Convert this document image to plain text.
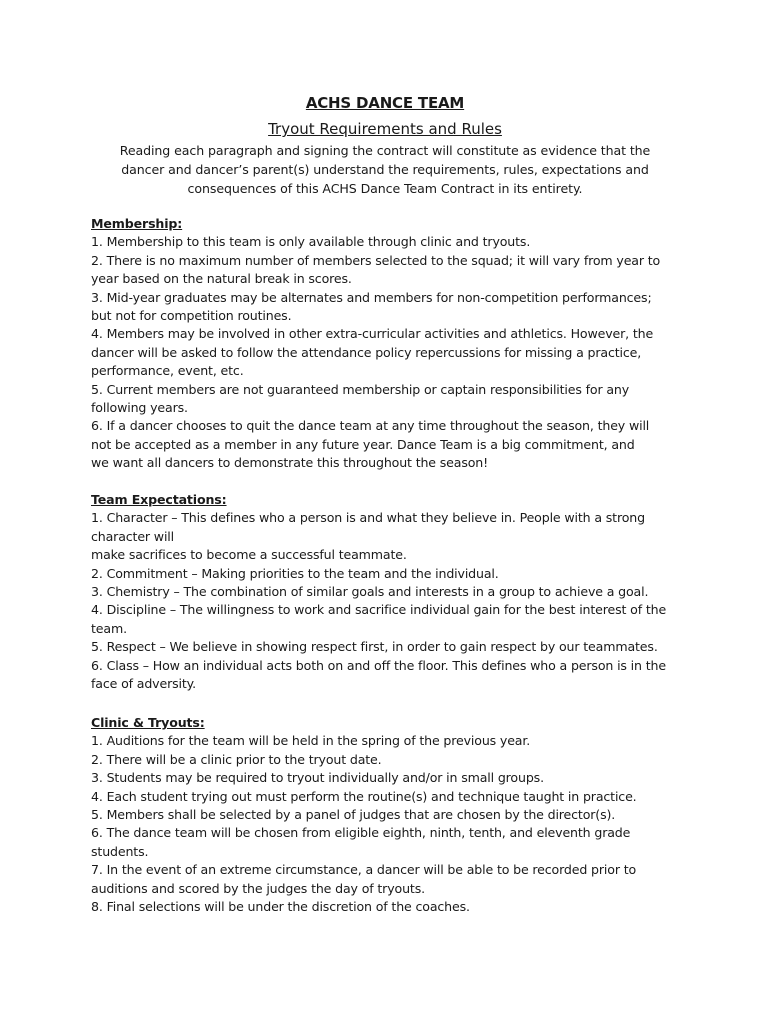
ACHS DANCE TEAM
Tryout Requirements and Rules
Reading each paragraph and signing the contract will constitute as evidence that the
dancer and dancer’s parent(s) understand the requirements, rules, expectations and
consequences of this ACHS Dance Team Contract in its entirety.
Membership:
1. Membership to this team is only available through clinic and tryouts.
2. There is no maximum number of members selected to the squad; it will vary from year to
year based on the natural break in scores.
3. Mid-year graduates may be alternates and members for non-competition performances;
but not for competition routines.
4. Members may be involved in other extra-curricular activities and athletics. However, the
dancer will be asked to follow the attendance policy repercussions for missing a practice,
performance, event, etc.
5. Current members are not guaranteed membership or captain responsibilities for any
following years.
6. If a dancer chooses to quit the dance team at any time throughout the season, they will
not be accepted as a member in any future year. Dance Team is a big commitment, and
we want all dancers to demonstrate this throughout the season!
Team Expectations:
1. Character – This defines who a person is and what they believe in. People with a strong
character will
make sacrifices to become a successful teammate.
2. Commitment – Making priorities to the team and the individual.
3. Chemistry – The combination of similar goals and interests in a group to achieve a goal.
4. Discipline – The willingness to work and sacrifice individual gain for the best interest of the
team.
5. Respect – We believe in showing respect first, in order to gain respect by our teammates.
6. Class – How an individual acts both on and off the floor. This defines who a person is in the
face of adversity.
Clinic & Tryouts:
1. Auditions for the team will be held in the spring of the previous year.
2. There will be a clinic prior to the tryout date.
3. Students may be required to tryout individually and/or in small groups.
4. Each student trying out must perform the routine(s) and technique taught in practice.
5. Members shall be selected by a panel of judges that are chosen by the director(s).
6. The dance team will be chosen from eligible eighth, ninth, tenth, and eleventh grade
students.
7. In the event of an extreme circumstance, a dancer will be able to be recorded prior to
auditions and scored by the judges the day of tryouts.
8. Final selections will be under the discretion of the coaches.
